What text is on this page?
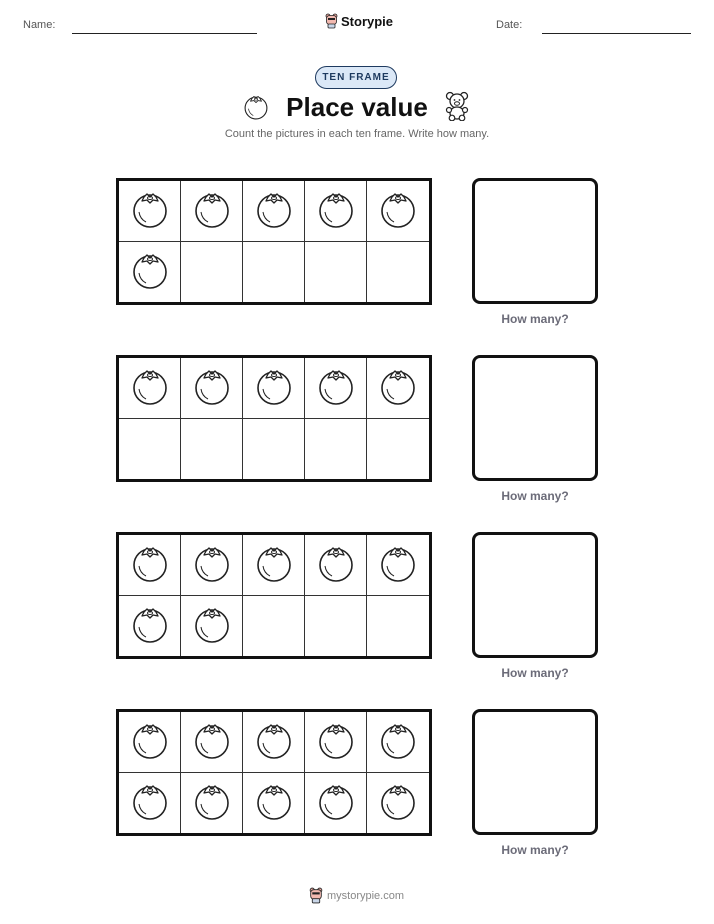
Name:	Storypie	Date:
TEN FRAME
Place value
Count the pictures in each ten frame. Write how many.
How many?
How many?
How many?
How many?
mystorypie.com
